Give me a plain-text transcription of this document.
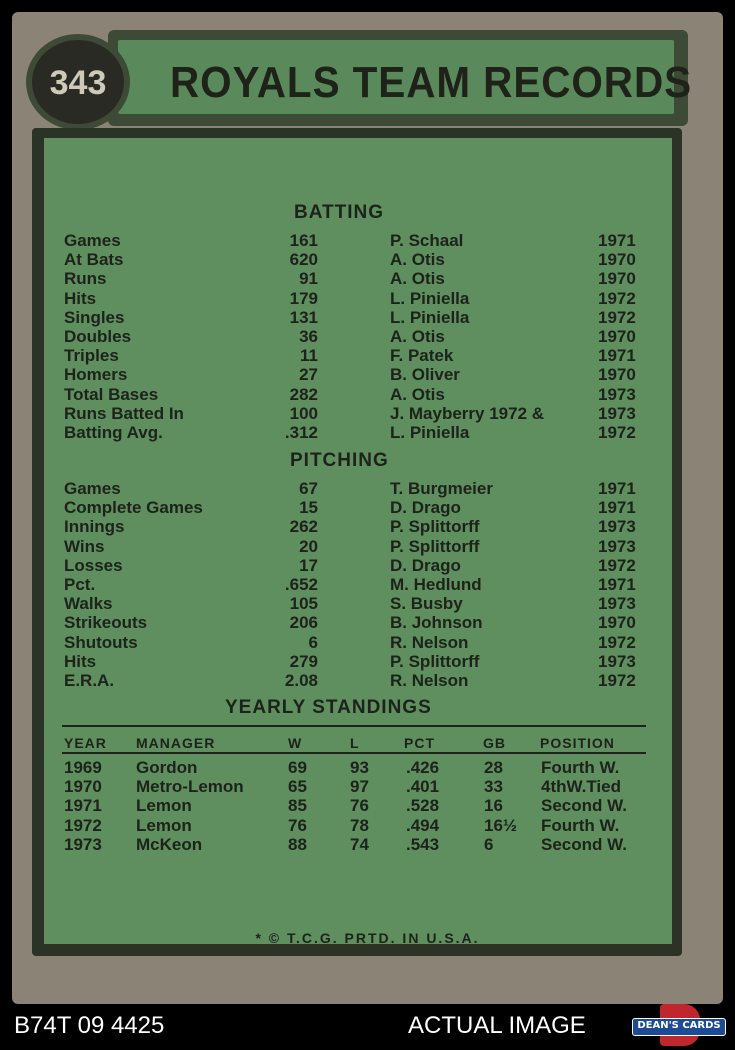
ROYALS TEAM RECORDS
343
BATTING
Games	161	P. Schaal	1971
At Bats	620	A. Otis	1970
Runs	91	A. Otis	1970
Hits	179	L. Piniella	1972
Singles	131	L. Piniella	1972
Doubles	36	A. Otis	1970
Triples	11	F. Patek	1971
Homers	27	B. Oliver	1970
Total Bases	282	A. Otis	1973
Runs Batted In	100	J. Mayberry 1972 &	1973
Batting Avg.	.312	L. Piniella	1972
PITCHING
Games	67	T. Burgmeier	1971
Complete Games	15	D. Drago	1971
Innings	262	P. Splittorff	1973
Wins	20	P. Splittorff	1973
Losses	17	D. Drago	1972
Pct.	.652	M. Hedlund	1971
Walks	105	S. Busby	1973
Strikeouts	206	B. Johnson	1970
Shutouts	6	R. Nelson	1972
Hits	279	P. Splittorff	1973
E.R.A.	2.08	R. Nelson	1972
YEARLY STANDINGS
YEAR MANAGER	W	L	PCT	GB POSITION
1969 Gordon	69	93 .426	28 Fourth W.
1970 Metro-Lemon	65	97 .401	33 4thW.Tied
1971 Lemon	85	76 .528	16 Second W.
1972 Lemon	76	78 .494	16½ Fourth W.
1973 McKeon	88	74 .543	6	Second W.
* © T.C.G. PRTD. IN U.S.A.
B74T 09 4425	ACTUAL IMAGE	DEAN'S CARDS
